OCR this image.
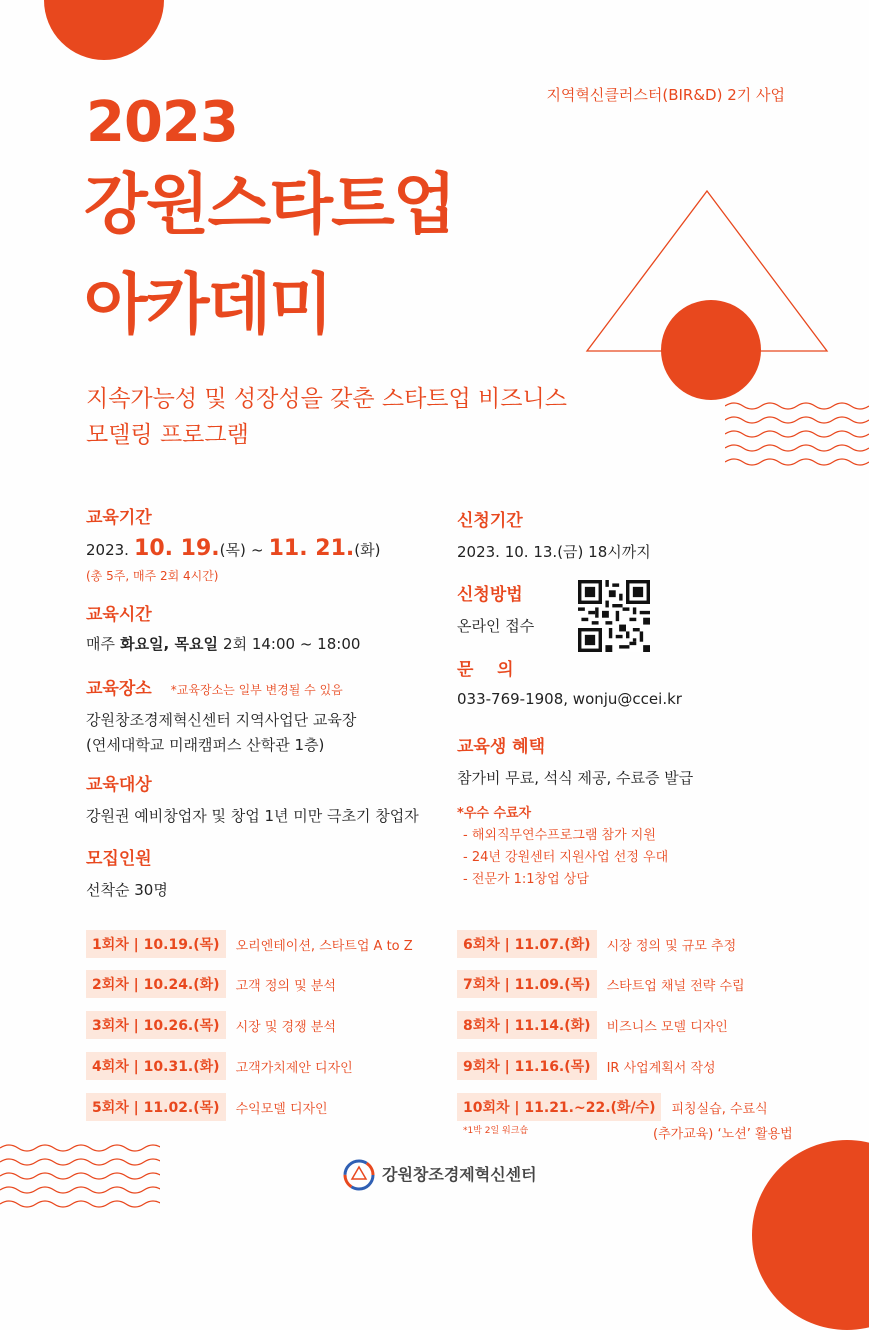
지역혁신클러스터(BIR&D) 2기 사업
2023
강원스타트업
아카데미
지속가능성 및 성장성을 갖춘 스타트업 비즈니스
모델링 프로그램
교육기간
2023. 10. 19.(목) ~ 11. 21.(화)
(총 5주, 매주 2회 4시간)
교육시간
매주 화요일, 목요일 2회 14:00 ~ 18:00
교육장소 *교육장소는 일부 변경될 수 있음
강원창조경제혁신센터 지역사업단 교육장
(연세대학교 미래캠퍼스 산학관 1층)
교육대상
강원권 예비창업자 및 창업 1년 미만 극초기 창업자
모집인원
선착순 30명
신청기간
2023. 10. 13.(금) 18시까지
신청방법
온라인 접수
문    의
033-769-1908, wonju@ccei.kr
교육생 혜택
참가비 무료, 석식 제공, 수료증 발급
*우수 수료자
- 해외직무연수프로그램 참가 지원
- 24년 강원센터 지원사업 선정 우대
- 전문가 1:1창업 상담
1회차 | 10.19.(목)	오리엔테이션, 스타트업 A to Z
2회차 | 10.24.(화)	고객 정의 및 분석
3회차 | 10.26.(목)	시장 및 경쟁 분석
4회차 | 10.31.(화)	고객가치제안 디자인
5회차 | 11.02.(목)	수익모델 디자인
6회차 | 11.07.(화)	시장 정의 및 규모 추정
7회차 | 11.09.(목)	스타트업 채널 전략 수립
8회차 | 11.14.(화)	비즈니스 모델 디자인
9회차 | 11.16.(목)	IR 사업계획서 작성
10회차 | 11.21.~22.(화/수)	피칭실습, 수료식
*1박 2일 워크숍	(추가교육) ‘노션’ 활용법
강원창조경제혁신센터
